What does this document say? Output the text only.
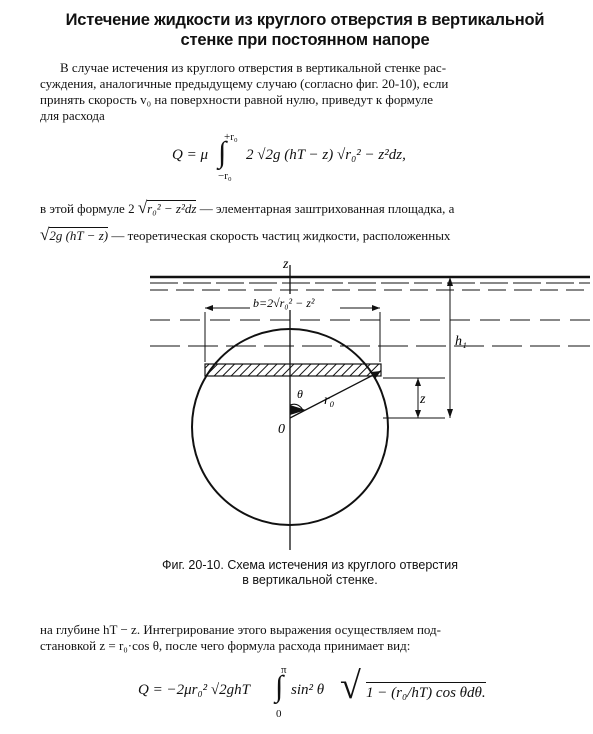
Истечение жидкости из круглого отверстия в вертикальной
стенке при постоянном напоре
В случае истечения из круглого отверстия в вертикальной стенке рас-
суждения, аналогичные предыдущему случаю (согласно фиг. 20-10), если
принять скорость v₀ на поверхности равной нулю, приведут к формуле
для расхода
Q = μ
+r₀
∫
−r₀
2 √2g (hT − z) √r₀² − z²dz,
в этой формуле 2 √r₀² − z²dz — элементарная заштрихованная площадка, а
√2g (hT − z) — теоретическая скорость частиц жидкости, расположенных
z
b=2√r₀² − z²
h₁
z
r₀
θ
0
Фиг. 20-10. Схема истечения из круглого отверстия
в вертикальной стенке.
на глубине hT − z. Интегрирование этого выражения осуществляем под-
становкой z = r₀·cos θ, после чего формула расхода принимает вид:
Q = −2μr₀² √2ghT
π
∫
0
sin² θ √ 1 − (r₀/hT) cos θdθ.
